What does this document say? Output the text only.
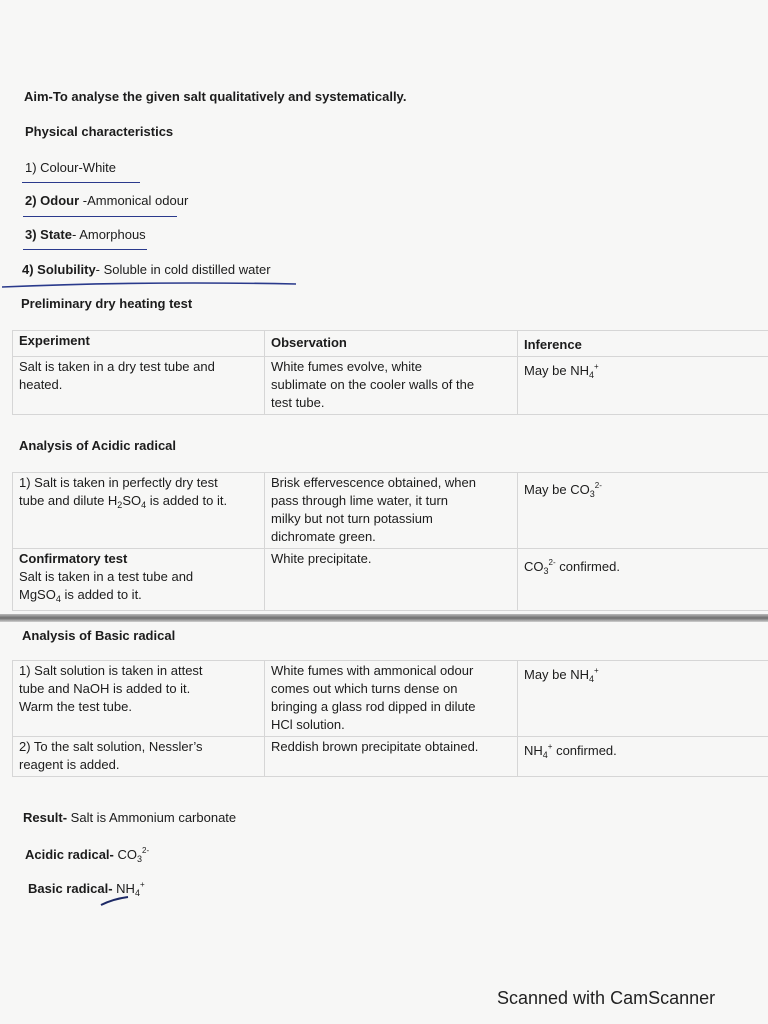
Aim-To analyse the given salt qualitatively and systematically.
Physical characteristics
1) Colour-White
2) Odour -Ammonical odour
3) State- Amorphous
4) Solubility- Soluble in cold distilled water
Preliminary dry heating test
Experiment	Observation	Inference

Salt is taken in a dry test tube and
heated.	White fumes evolve, white
sublimate on the cooler walls of the
test tube.	May be $NH_4^+$
Analysis of Acidic radical
1) Salt is taken in perfectly dry test
tube and dilute $H_2SO_4$ is added to it.	Brisk effervescence obtained, when
pass through lime water, it turn
milky but not turn potassium
dichromate green.	May be $CO_3^{2-}$

Confirmatory test
Salt is taken in a test tube and
MgSO$_4$ is added to it.	White precipitate.	$CO_3^{2-}$ confirmed.
Analysis of Basic radical
1) Salt solution is taken in attest
tube and NaOH is added to it.
Warm the test tube.	White fumes with ammonical odour
comes out which turns dense on
bringing a glass rod dipped in dilute
HCl solution.	May be $NH_4^+$

2) To the salt solution, Nessler’s
reagent is added.	Reddish brown precipitate obtained.	$NH_4^+$ confirmed.
Result- Salt is Ammonium carbonate
Acidic radical- $CO_3^{2-}$
Basic radical- $NH_4^+$
Scanned with CamScanner
